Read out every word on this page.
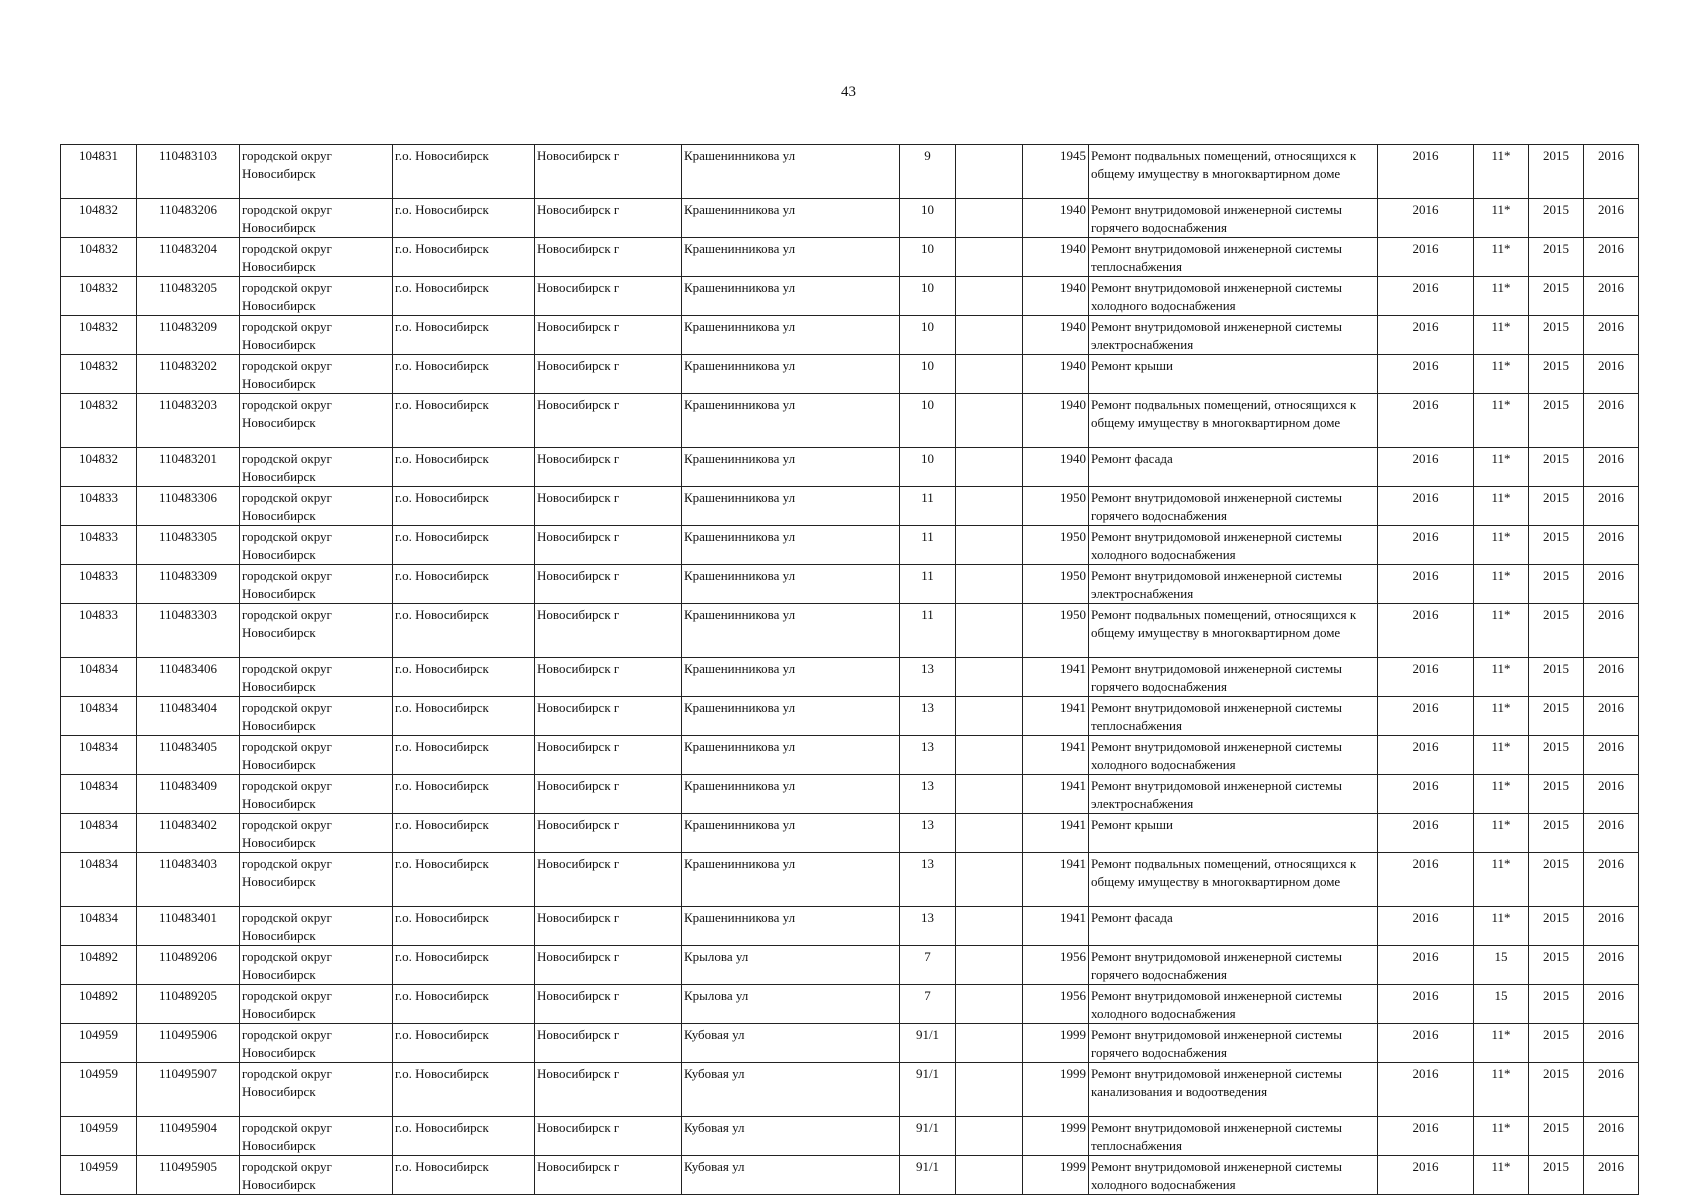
43
104831	110483103	городской округ Новосибирск	г.о. Новосибирск	Новосибирск г	Крашенинникова ул	9		1945	Ремонт подвальных помещений, относящихся к общему имуществу в многоквартирном доме	2016	11*	2015	2016
104832	110483206	городской округ Новосибирск	г.о. Новосибирск	Новосибирск г	Крашенинникова ул	10		1940	Ремонт внутридомовой инженерной системы горячего водоснабжения	2016	11*	2015	2016
104832	110483204	городской округ Новосибирск	г.о. Новосибирск	Новосибирск г	Крашенинникова ул	10		1940	Ремонт внутридомовой инженерной системы теплоснабжения	2016	11*	2015	2016
104832	110483205	городской округ Новосибирск	г.о. Новосибирск	Новосибирск г	Крашенинникова ул	10		1940	Ремонт внутридомовой инженерной системы холодного водоснабжения	2016	11*	2015	2016
104832	110483209	городской округ Новосибирск	г.о. Новосибирск	Новосибирск г	Крашенинникова ул	10		1940	Ремонт внутридомовой инженерной системы электроснабжения	2016	11*	2015	2016
104832	110483202	городской округ Новосибирск	г.о. Новосибирск	Новосибирск г	Крашенинникова ул	10		1940	Ремонт крыши	2016	11*	2015	2016
104832	110483203	городской округ Новосибирск	г.о. Новосибирск	Новосибирск г	Крашенинникова ул	10		1940	Ремонт подвальных помещений, относящихся к общему имуществу в многоквартирном доме	2016	11*	2015	2016
104832	110483201	городской округ Новосибирск	г.о. Новосибирск	Новосибирск г	Крашенинникова ул	10		1940	Ремонт фасада	2016	11*	2015	2016
104833	110483306	городской округ Новосибирск	г.о. Новосибирск	Новосибирск г	Крашенинникова ул	11		1950	Ремонт внутридомовой инженерной системы горячего водоснабжения	2016	11*	2015	2016
104833	110483305	городской округ Новосибирск	г.о. Новосибирск	Новосибирск г	Крашенинникова ул	11		1950	Ремонт внутридомовой инженерной системы холодного водоснабжения	2016	11*	2015	2016
104833	110483309	городской округ Новосибирск	г.о. Новосибирск	Новосибирск г	Крашенинникова ул	11		1950	Ремонт внутридомовой инженерной системы электроснабжения	2016	11*	2015	2016
104833	110483303	городской округ Новосибирск	г.о. Новосибирск	Новосибирск г	Крашенинникова ул	11		1950	Ремонт подвальных помещений, относящихся к общему имуществу в многоквартирном доме	2016	11*	2015	2016
104834	110483406	городской округ Новосибирск	г.о. Новосибирск	Новосибирск г	Крашенинникова ул	13		1941	Ремонт внутридомовой инженерной системы горячего водоснабжения	2016	11*	2015	2016
104834	110483404	городской округ Новосибирск	г.о. Новосибирск	Новосибирск г	Крашенинникова ул	13		1941	Ремонт внутридомовой инженерной системы теплоснабжения	2016	11*	2015	2016
104834	110483405	городской округ Новосибирск	г.о. Новосибирск	Новосибирск г	Крашенинникова ул	13		1941	Ремонт внутридомовой инженерной системы холодного водоснабжения	2016	11*	2015	2016
104834	110483409	городской округ Новосибирск	г.о. Новосибирск	Новосибирск г	Крашенинникова ул	13		1941	Ремонт внутридомовой инженерной системы электроснабжения	2016	11*	2015	2016
104834	110483402	городской округ Новосибирск	г.о. Новосибирск	Новосибирск г	Крашенинникова ул	13		1941	Ремонт крыши	2016	11*	2015	2016
104834	110483403	городской округ Новосибирск	г.о. Новосибирск	Новосибирск г	Крашенинникова ул	13		1941	Ремонт подвальных помещений, относящихся к общему имуществу в многоквартирном доме	2016	11*	2015	2016
104834	110483401	городской округ Новосибирск	г.о. Новосибирск	Новосибирск г	Крашенинникова ул	13		1941	Ремонт фасада	2016	11*	2015	2016
104892	110489206	городской округ Новосибирск	г.о. Новосибирск	Новосибирск г	Крылова ул	7		1956	Ремонт внутридомовой инженерной системы горячего водоснабжения	2016	15	2015	2016
104892	110489205	городской округ Новосибирск	г.о. Новосибирск	Новосибирск г	Крылова ул	7		1956	Ремонт внутридомовой инженерной системы холодного водоснабжения	2016	15	2015	2016
104959	110495906	городской округ Новосибирск	г.о. Новосибирск	Новосибирск г	Кубовая ул	91/1		1999	Ремонт внутридомовой инженерной системы горячего водоснабжения	2016	11*	2015	2016
104959	110495907	городской округ Новосибирск	г.о. Новосибирск	Новосибирск г	Кубовая ул	91/1		1999	Ремонт внутридомовой инженерной системы канализования и водоотведения	2016	11*	2015	2016
104959	110495904	городской округ Новосибирск	г.о. Новосибирск	Новосибирск г	Кубовая ул	91/1		1999	Ремонт внутридомовой инженерной системы теплоснабжения	2016	11*	2015	2016
104959	110495905	городской округ Новосибирск	г.о. Новосибирск	Новосибирск г	Кубовая ул	91/1		1999	Ремонт внутридомовой инженерной системы холодного водоснабжения	2016	11*	2015	2016
